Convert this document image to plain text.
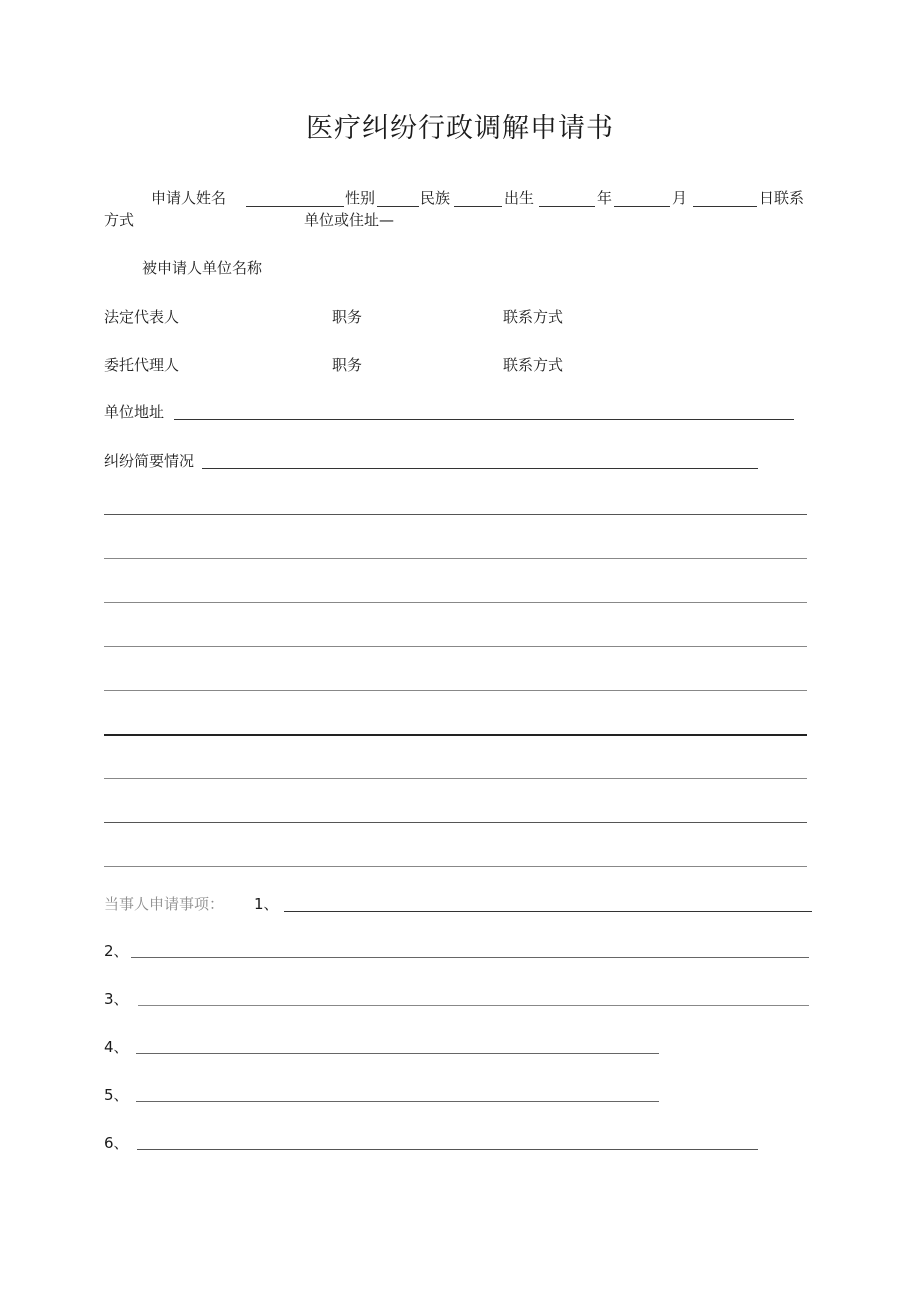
医疗纠纷行政调解申请书
申请人姓名	性别	民族	出生	年	月	日联系
方式	单位或住址—
被申请人单位名称
法定代表人	职务	联系方式
委托代理人	职务	联系方式
单位地址
纠纷简要情况
当事人申请事项： 1、
2、
3、
4、
5、
6、
